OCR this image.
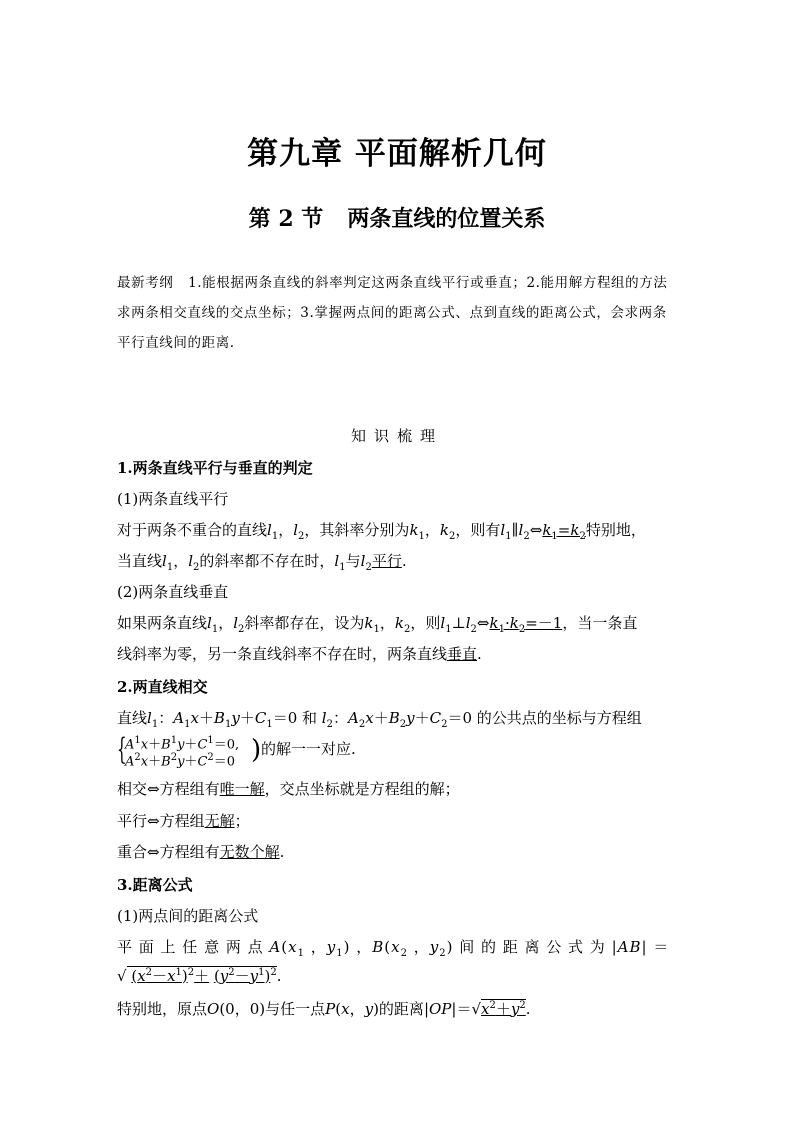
第九章 平面解析几何
第 2 节 两条直线的位置关系
最新考纲 1.能根据两条直线的斜率判定这两条直线平行或垂直；2.能用解方程组的方法求两条相交直线的交点坐标；3.掌握两点间的距离公式、点到直线的距离公式，会求两条平行直线间的距离.
知识梳理
1.两条直线平行与垂直的判定
(1)两条直线平行
对于两条不重合的直线$l_1$，$l_2$，其斜率分别为$k_1$，$k_2$，则有$l_1\parallel l_2\Leftrightarrow k_1=k_2$特别地，
当直线$l_1$，$l_2$的斜率都不存在时，$l_1$与$l_2$平行.
(2)两条直线垂直
如果两条直线$l_1$，$l_2$斜率都存在，设为$k_1$，$k_2$，则$l_1\perp l_2\Leftrightarrow k_1\cdot k_2=-1$，当一条直
线斜率为零，另一条直线斜率不存在时，两条直线垂直.
2.两直线相交
直线$l_1$：$A_1x+B_1y+C_1=0$ 和 $l_2$：$A_2x+B_2y+C_2=0$ 的公共点的坐标与方程组
{
$A^1x+B^1y+C^1=0$,
$A^2x+B^2y+C^2=0$ ) 的解一一对应.
相交⇔方程组有唯一解，交点坐标就是方程组的解；
平行⇔方程组无解；
重合⇔方程组有无数个解.
3.距离公式
(1)两点间的距离公式
平 面 上 任 意 两 点 $A(x_1$ ，$y_1$) ，$B(x_2$ ，$y_2$) 间 的 距 离 公 式 为 |AB| ＝
√ $(x^2-x^1)^2+ (y^2-y^1)^2$.
特别地，原点O(0，0)与任一点P(x，y)的距离$|OP|=√x^2+y^2$.
